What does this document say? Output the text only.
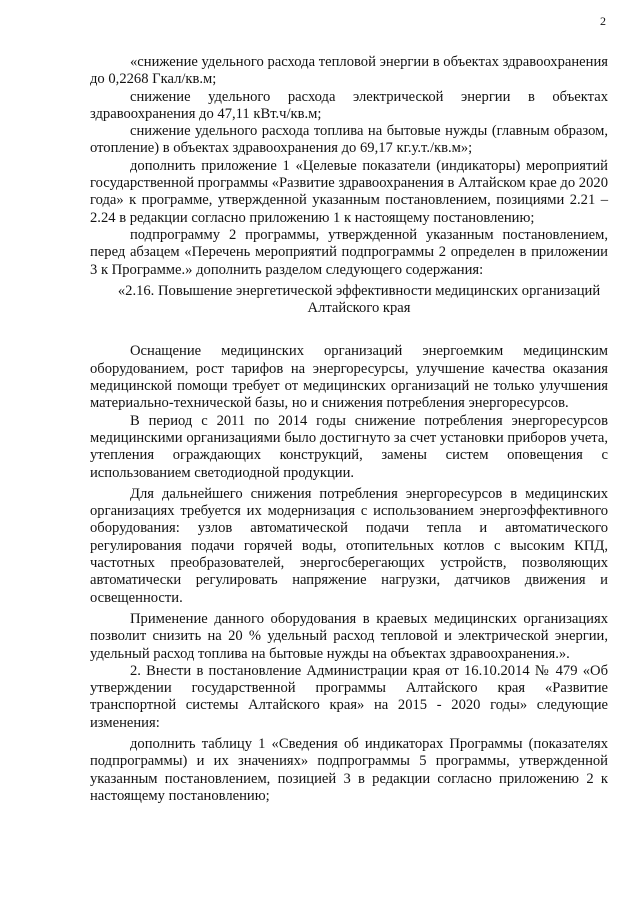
2

«снижение удельного расхода тепловой энергии в объектах здравоохранения до 0,2268 Гкал/кв.м;

снижение удельного расхода электрической энергии в объектах здравоохранения до 47,11 кВт.ч/кв.м;

снижение удельного расхода топлива на бытовые нужды (главным образом, отопление) в объектах здравоохранения до 69,17 кг.у.т./кв.м»;

дополнить приложение 1 «Целевые показатели (индикаторы) мероприятий государственной программы «Развитие здравоохранения в Алтайском крае до 2020 года» к программе, утвержденной указанным постановлением, позициями 2.21 – 2.24 в редакции согласно приложению 1 к настоящему постановлению;

подпрограмму 2 программы, утвержденной указанным постановлением, перед абзацем «Перечень мероприятий подпрограммы 2 определен в приложении 3 к Программе.» дополнить разделом следующего содержания:

«2.16. Повышение энергетической эффективности медицинских организаций Алтайского края

Оснащение медицинских организаций энергоемким медицинским оборудованием, рост тарифов на энергоресурсы, улучшение качества оказания медицинской помощи требует от медицинских организаций не только улучшения материально-технической базы, но и снижения потребления энергоресурсов.

В период с 2011 по 2014 годы снижение потребления энергоресурсов медицинскими организациями было достигнуто за счет установки приборов учета, утепления ограждающих конструкций, замены систем оповещения с использованием светодиодной продукции.

Для дальнейшего снижения потребления энергоресурсов в медицинских организациях требуется их модернизация с использованием энергоэффективного оборудования: узлов автоматической подачи тепла и автоматического регулирования подачи горячей воды, отопительных котлов с высоким КПД, частотных преобразователей, энергосберегающих устройств, позволяющих автоматически регулировать напряжение нагрузки, датчиков движения и освещенности.

Применение данного оборудования в краевых медицинских организациях позволит снизить на 20 % удельный расход тепловой и электрической энергии, удельный расход топлива на бытовые нужды на объектах здравоохранения.».

2. Внести в постановление Администрации края от 16.10.2014 № 479 «Об утверждении государственной программы Алтайского края «Развитие транспортной системы Алтайского края» на 2015 - 2020 годы» следующие изменения:

дополнить таблицу 1 «Сведения об индикаторах Программы (показателях подпрограммы) и их значениях» подпрограммы 5 программы, утвержденной указанным постановлением, позицией 3 в редакции согласно приложению 2 к настоящему постановлению;
